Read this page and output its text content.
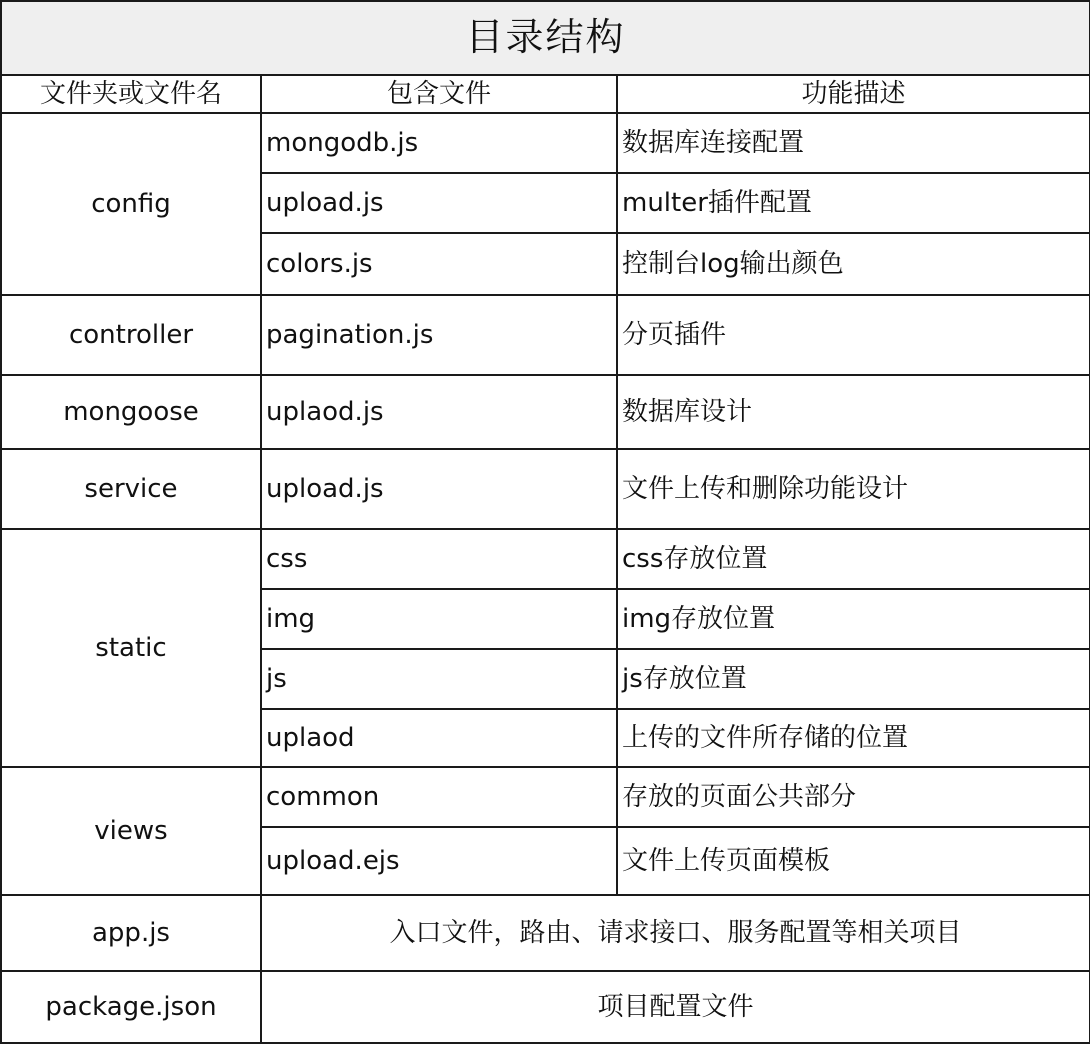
目录结构		
文件夹或文件名	包含文件	功能描述
config	mongodb.js	数据库连接配置
	upload.js	multer插件配置
	colors.js	控制台log输出颜色
controller	pagination.js	分页插件
mongoose	uplaod.js	数据库设计
service	upload.js	文件上传和删除功能设计
static	css	css存放位置
	img	img存放位置
	js	js存放位置
	uplaod	上传的文件所存储的位置
views	common	存放的页面公共部分
	upload.ejs	文件上传页面模板
app.js	入口文件，路由、请求接口、服务配置等相关项目	
package.json	项目配置文件	
